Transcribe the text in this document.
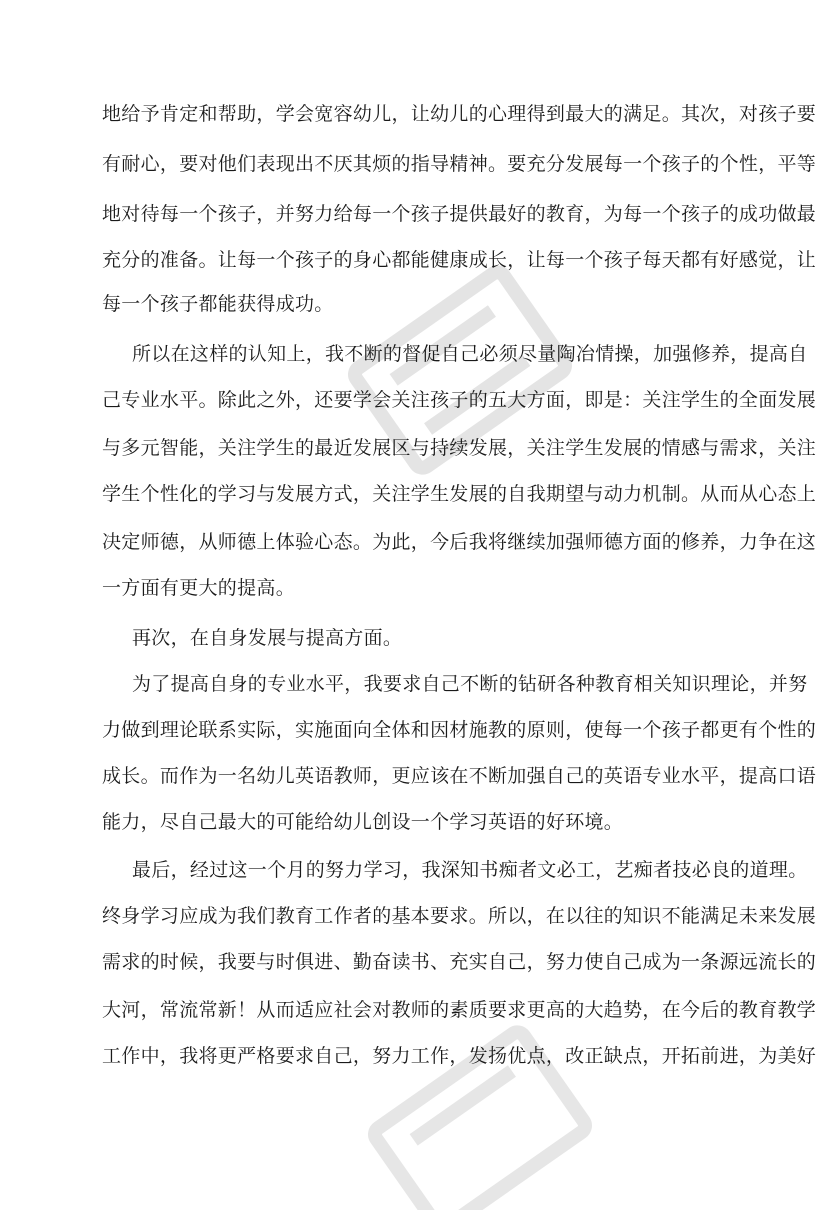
地给予肯定和帮助，学会宽容幼儿，让幼儿的心理得到最大的满足。其次，对孩子要
有耐心，要对他们表现出不厌其烦的指导精神。要充分发展每一个孩子的个性，平等
地对待每一个孩子，并努力给每一个孩子提供最好的教育，为每一个孩子的成功做最
充分的准备。让每一个孩子的身心都能健康成长，让每一个孩子每天都有好感觉，让
每一个孩子都能获得成功。
所以在这样的认知上，我不断的督促自己必须尽量陶冶情操，加强修养，提高自
己专业水平。除此之外，还要学会关注孩子的五大方面，即是：关注学生的全面发展
与多元智能，关注学生的最近发展区与持续发展，关注学生发展的情感与需求，关注
学生个性化的学习与发展方式，关注学生发展的自我期望与动力机制。从而从心态上
决定师德，从师德上体验心态。为此，今后我将继续加强师德方面的修养，力争在这
一方面有更大的提高。
再次，在自身发展与提高方面。
为了提高自身的专业水平，我要求自己不断的钻研各种教育相关知识理论，并努
力做到理论联系实际，实施面向全体和因材施教的原则，使每一个孩子都更有个性的
成长。而作为一名幼儿英语教师，更应该在不断加强自己的英语专业水平，提高口语
能力，尽自己最大的可能给幼儿创设一个学习英语的好环境。
最后，经过这一个月的努力学习，我深知书痴者文必工，艺痴者技必良的道理。
终身学习应成为我们教育工作者的基本要求。所以，在以往的知识不能满足未来发展
需求的时候，我要与时俱进、勤奋读书、充实自己，努力使自己成为一条源远流长的
大河，常流常新！从而适应社会对教师的素质要求更高的大趋势，在今后的教育教学
工作中，我将更严格要求自己，努力工作，发扬优点，改正缺点，开拓前进，为美好
